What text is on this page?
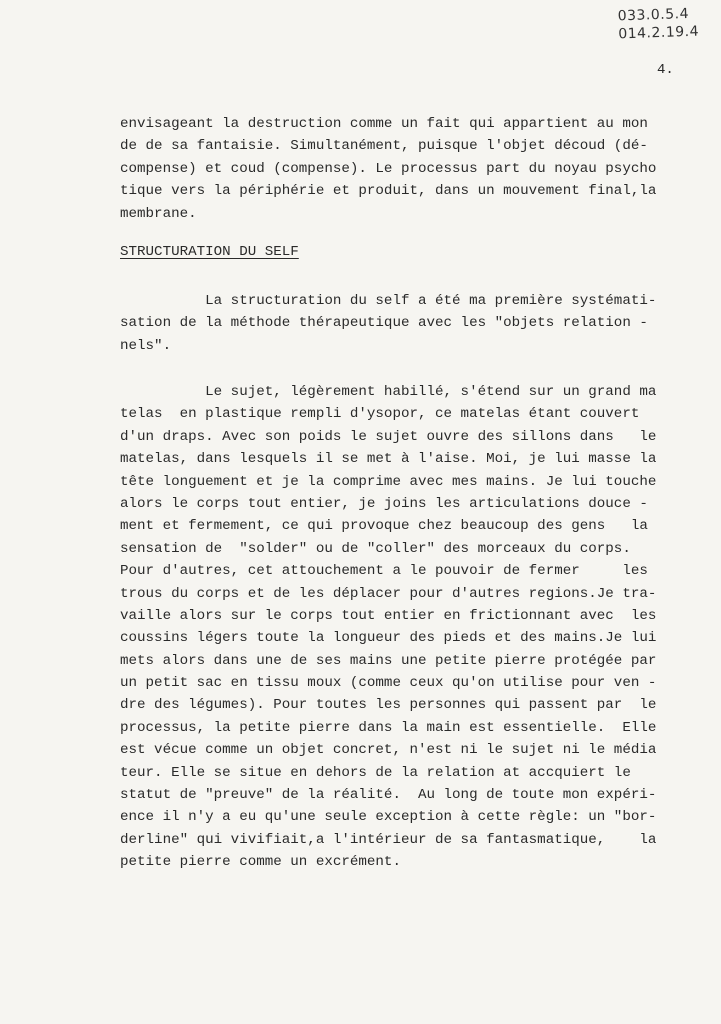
033.0.5.4
014.2.19.4
4.
envisageant la destruction comme un fait qui appartient au mon
de de sa fantaisie. Simultanément, puisque l'objet découd (dé-
compense) et coud (compense). Le processus part du noyau psycho
tique vers la périphérie et produit, dans un mouvement final,la
membrane.
STRUCTURATION DU SELF
La structuration du self a été ma première systémati-
sation de la méthode thérapeutique avec les "objets relation -
nels".
Le sujet, légèrement habillé, s'étend sur un grand ma
telas  en plastique rempli d'ysopor, ce matelas étant couvert
d'un draps. Avec son poids le sujet ouvre des sillons dans   le
matelas, dans lesquels il se met à l'aise. Moi, je lui masse la
tête longuement et je la comprime avec mes mains. Je lui touche
alors le corps tout entier, je joins les articulations douce -
ment et fermement, ce qui provoque chez beaucoup des gens   la
sensation de  "solder" ou de "coller" des morceaux du corps.
Pour d'autres, cet attouchement a le pouvoir de fermer     les
trous du corps et de les déplacer pour d'autres regions.Je tra-
vaille alors sur le corps tout entier en frictionnant avec  les
coussins légers toute la longueur des pieds et des mains.Je lui
mets alors dans une de ses mains une petite pierre protégée par
un petit sac en tissu moux (comme ceux qu'on utilise pour ven -
dre des légumes). Pour toutes les personnes qui passent par  le
processus, la petite pierre dans la main est essentielle.  Elle
est vécue comme un objet concret, n'est ni le sujet ni le média
teur. Elle se situe en dehors de la relation at accquiert le
statut de "preuve" de la réalité.  Au long de toute mon expéri-
ence il n'y a eu qu'une seule exception à cette règle: un "bor-
derline" qui vivifiait,a l'intérieur de sa fantasmatique,    la
petite pierre comme un excrément.
